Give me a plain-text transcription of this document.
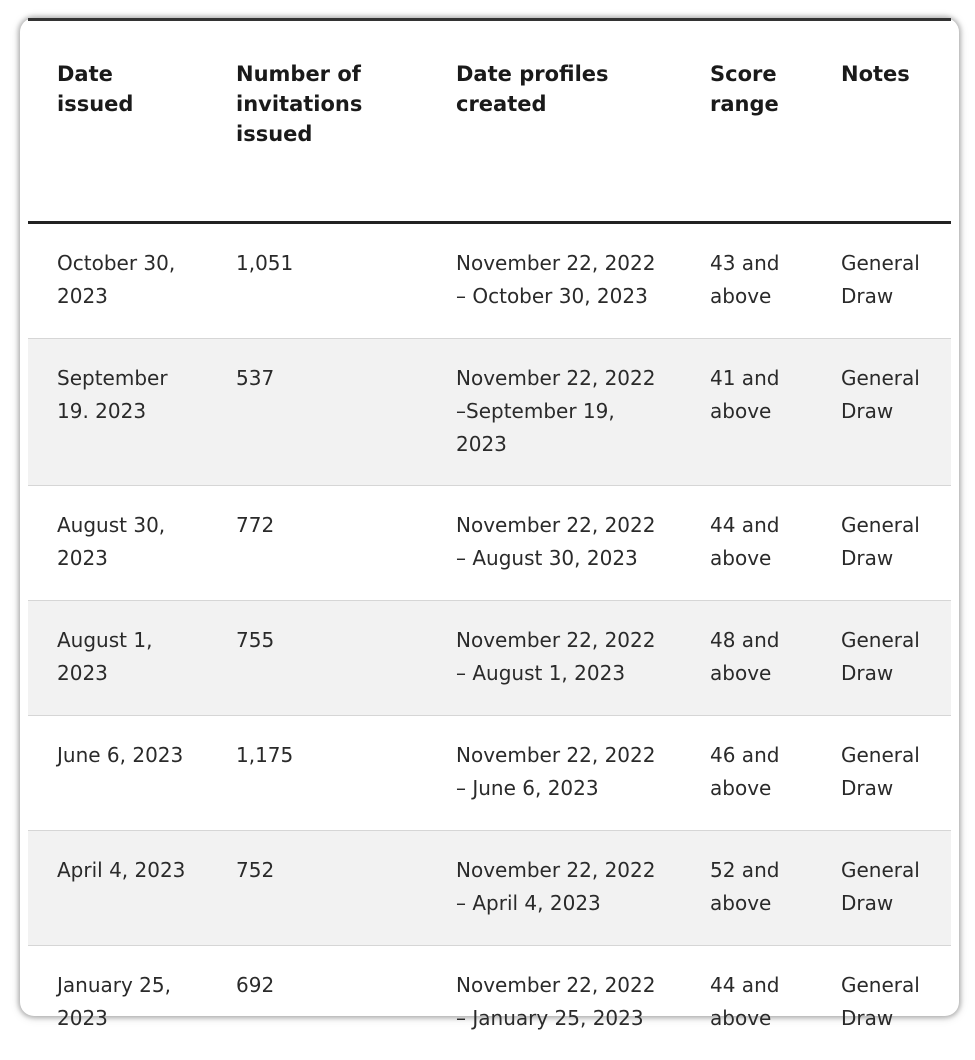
Date issued	Number of invitations issued	Date profiles created	Score range	Notes
October 30, 2023	1,051	November 22, 2022 – October 30, 2023	43 and above	General Draw
September 19. 2023	537	November 22, 2022 –September 19, 2023	41 and above	General Draw
August 30, 2023	772	November 22, 2022 – August 30, 2023	44 and above	General Draw
August 1, 2023	755	November 22, 2022 – August 1, 2023	48 and above	General Draw
June 6, 2023	1,175	November 22, 2022 – June 6, 2023	46 and above	General Draw
April 4, 2023	752	November 22, 2022 – April 4, 2023	52 and above	General Draw
January 25, 2023	692	November 22, 2022 – January 25, 2023	44 and above	General Draw
